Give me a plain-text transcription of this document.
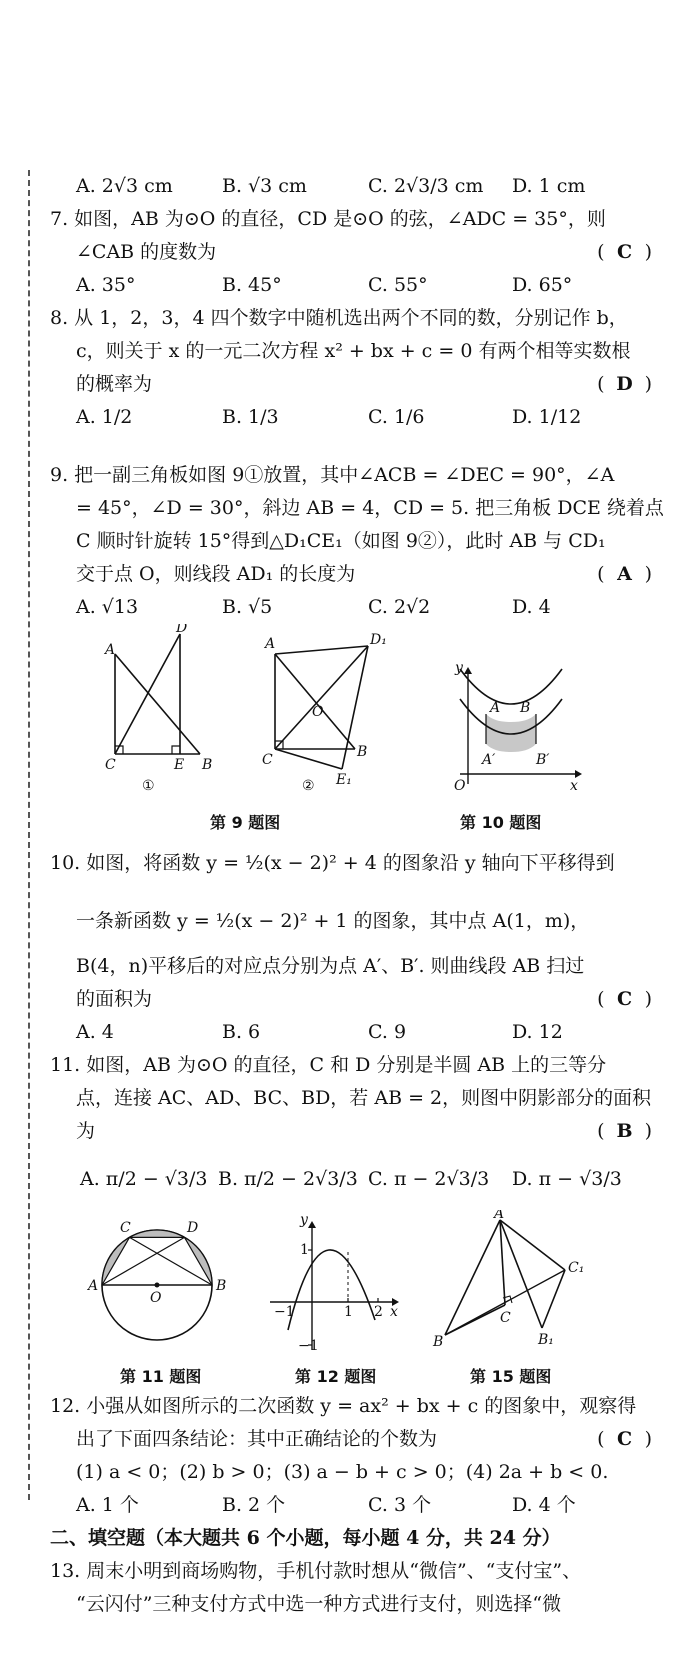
A. 2√3 cm	B. √3 cm	C. 2√3/3 cm D. 1 cm
7. 如图，AB 为⊙O 的直径，CD 是⊙O 的弦，∠ADC = 35°，则
∠CAB 的度数为	( C )
A. 35°	B. 45°	C. 55°	D. 65°
8. 从 1，2，3，4 四个数字中随机选出两个不同的数，分别记作 b，
c，则关于 x 的一元二次方程 x² + bx + c = 0 有两个相等实数根
的概率为	( D )
A. 1/2	B. 1/3	C. 1/6	D. 1/12
9. 把一副三角板如图 9①放置，其中∠ACB = ∠DEC = 90°，∠A
= 45°，∠D = 30°，斜边 AB = 4，CD = 5. 把三角板 DCE 绕着点
C 顺时针旋转 15°得到△D₁CE₁（如图 9②），此时 AB 与 CD₁
交于点 O，则线段 AD₁ 的长度为	( A )
A. √13	B. √5	C. 2√2	D. 4
A
D
C	E B
①
A	D₁
O
C	B
E₁
②
y
A B
A′	B′
O	x
第 9 题图	第 10 题图
10. 如图，将函数 y = ½(x − 2)² + 4 的图象沿 y 轴向下平移得到
一条新函数 y = ½(x − 2)² + 1 的图象，其中点 A(1，m)，
B(4，n)平移后的对应点分别为点 A′、B′. 则曲线段 AB 扫过
的面积为	( C )
A. 4	B. 6	C. 9	D. 12
11. 如图，AB 为⊙O 的直径，C 和 D 分别是半圆 AB 上的三等分
点，连接 AC、AD、BC、BD，若 AB = 2，则图中阴影部分的面积
为	( B )
A. π/2 − √3/3 B. π/2 − 2√3/3 C. π − 2√3/3 D. π − √3/3
A	B
C	D
O
y
1
−1	1 2 x
−1
A
B
C
C₁
B₁
第 11 题图	第 12 题图	第 15 题图
12. 小强从如图所示的二次函数 y = ax² + bx + c 的图象中，观察得
出了下面四条结论：其中正确结论的个数为	( C )
(1) a < 0；(2) b > 0；(3) a − b + c > 0；(4) 2a + b < 0.
A. 1 个	B. 2 个	C. 3 个	D. 4 个
二、填空题（本大题共 6 个小题，每小题 4 分，共 24 分）
13. 周末小明到商场购物，手机付款时想从“微信”、“支付宝”、
“云闪付”三种支付方式中选一种方式进行支付，则选择“微
